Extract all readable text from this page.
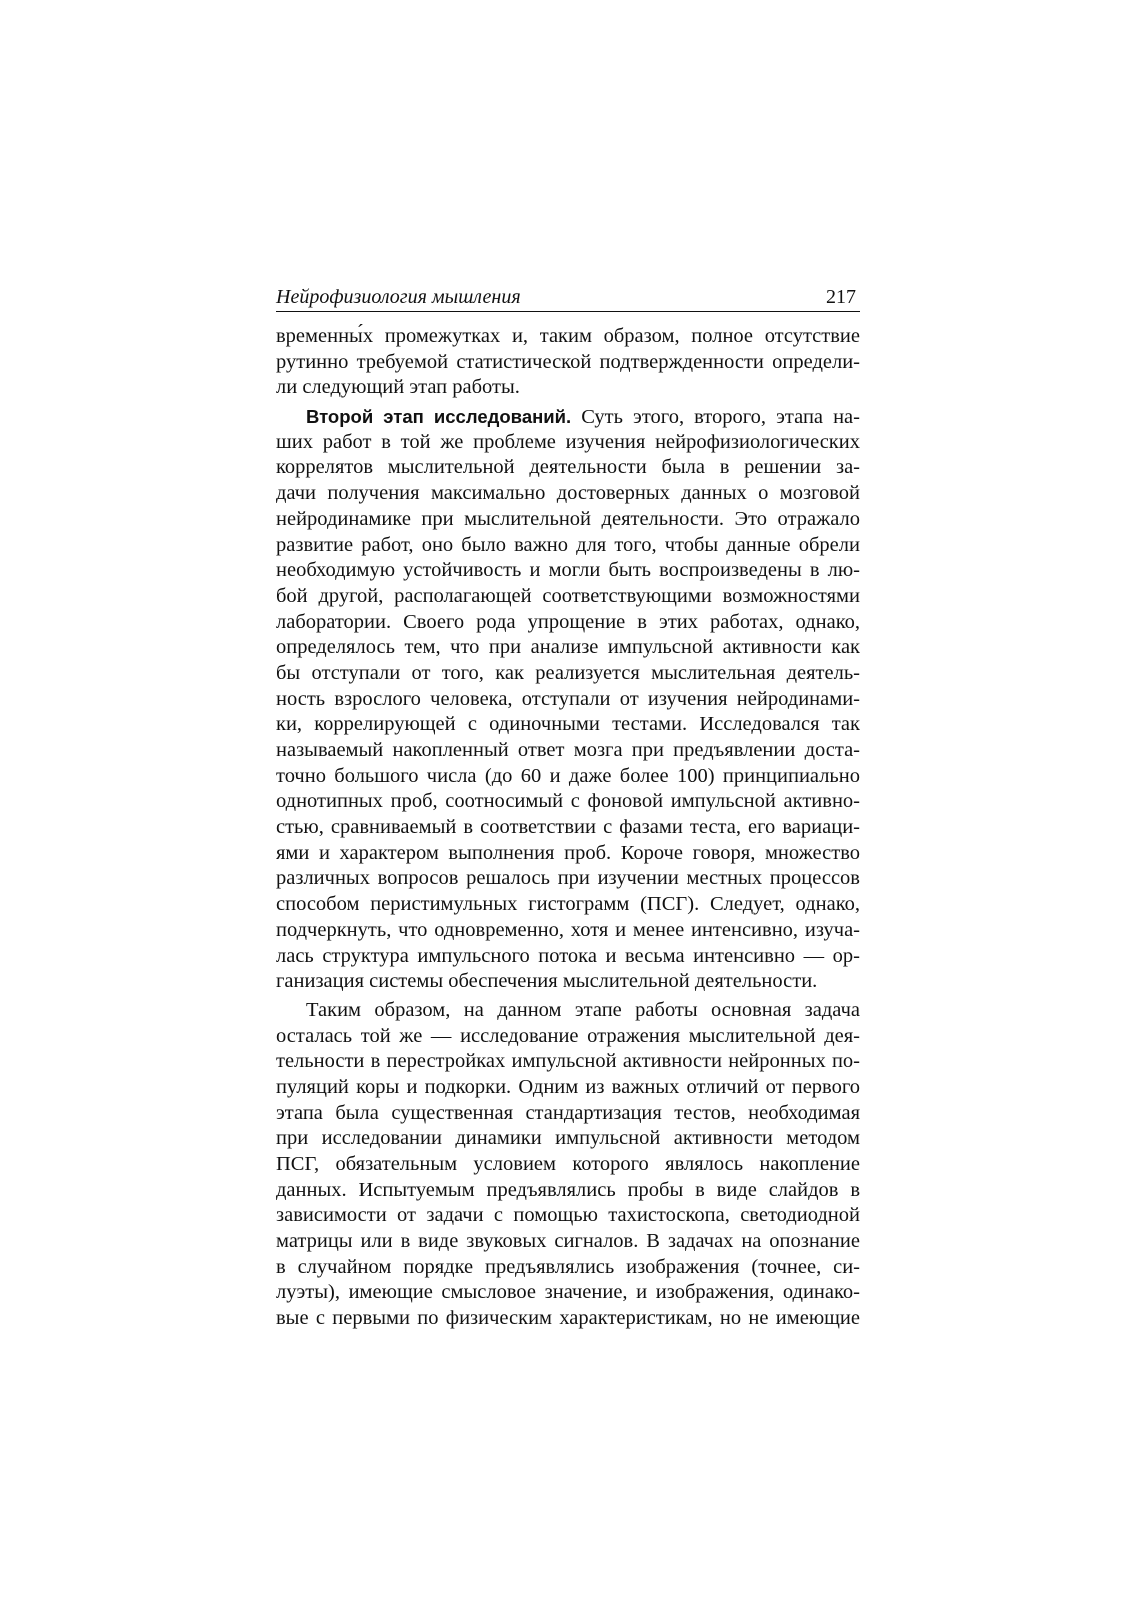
Нейрофизиология мышления	217
временны́х промежутках и, таким образом, полное отсутствие
рутинно требуемой статистической подтвержденности определи-
ли следующий этап работы.
Второй этап исследований. Суть этого, второго, этапа на-
ших работ в той же проблеме изучения нейрофизиологических
коррелятов мыслительной деятельности была в решении за-
дачи получения максимально достоверных данных о мозговой
нейродинамике при мыслительной деятельности. Это отражало
развитие работ, оно было важно для того, чтобы данные обрели
необходимую устойчивость и могли быть воспроизведены в лю-
бой другой, располагающей соответствующими возможностями
лаборатории. Своего рода упрощение в этих работах, однако,
определялось тем, что при анализе импульсной активности как
бы отступали от того, как реализуется мыслительная деятель-
ность взрослого человека, отступали от изучения нейродинами-
ки, коррелирующей с одиночными тестами. Исследовался так
называемый накопленный ответ мозга при предъявлении доста-
точно большого числа (до 60 и даже более 100) принципиально
однотипных проб, соотносимый с фоновой импульсной активно-
стью, сравниваемый в соответствии с фазами теста, его вариаци-
ями и характером выполнения проб. Короче говоря, множество
различных вопросов решалось при изучении местных процессов
способом перистимульных гистограмм (ПСГ). Следует, однако,
подчеркнуть, что одновременно, хотя и менее интенсивно, изуча-
лась структура импульсного потока и весьма интенсивно — ор-
ганизация системы обеспечения мыслительной деятельности.
Таким образом, на данном этапе работы основная задача
осталась той же — исследование отражения мыслительной дея-
тельности в перестройках импульсной активности нейронных по-
пуляций коры и подкорки. Одним из важных отличий от первого
этапа была существенная стандартизация тестов, необходимая
при исследовании динамики импульсной активности методом
ПСГ, обязательным условием которого являлось накопление
данных. Испытуемым предъявлялись пробы в виде слайдов в
зависимости от задачи с помощью тахистоскопа, светодиодной
матрицы или в виде звуковых сигналов. В задачах на опознание
в случайном порядке предъявлялись изображения (точнее, си-
луэты), имеющие смысловое значение, и изображения, одинако-
вые с первыми по физическим характеристикам, но не имеющие
